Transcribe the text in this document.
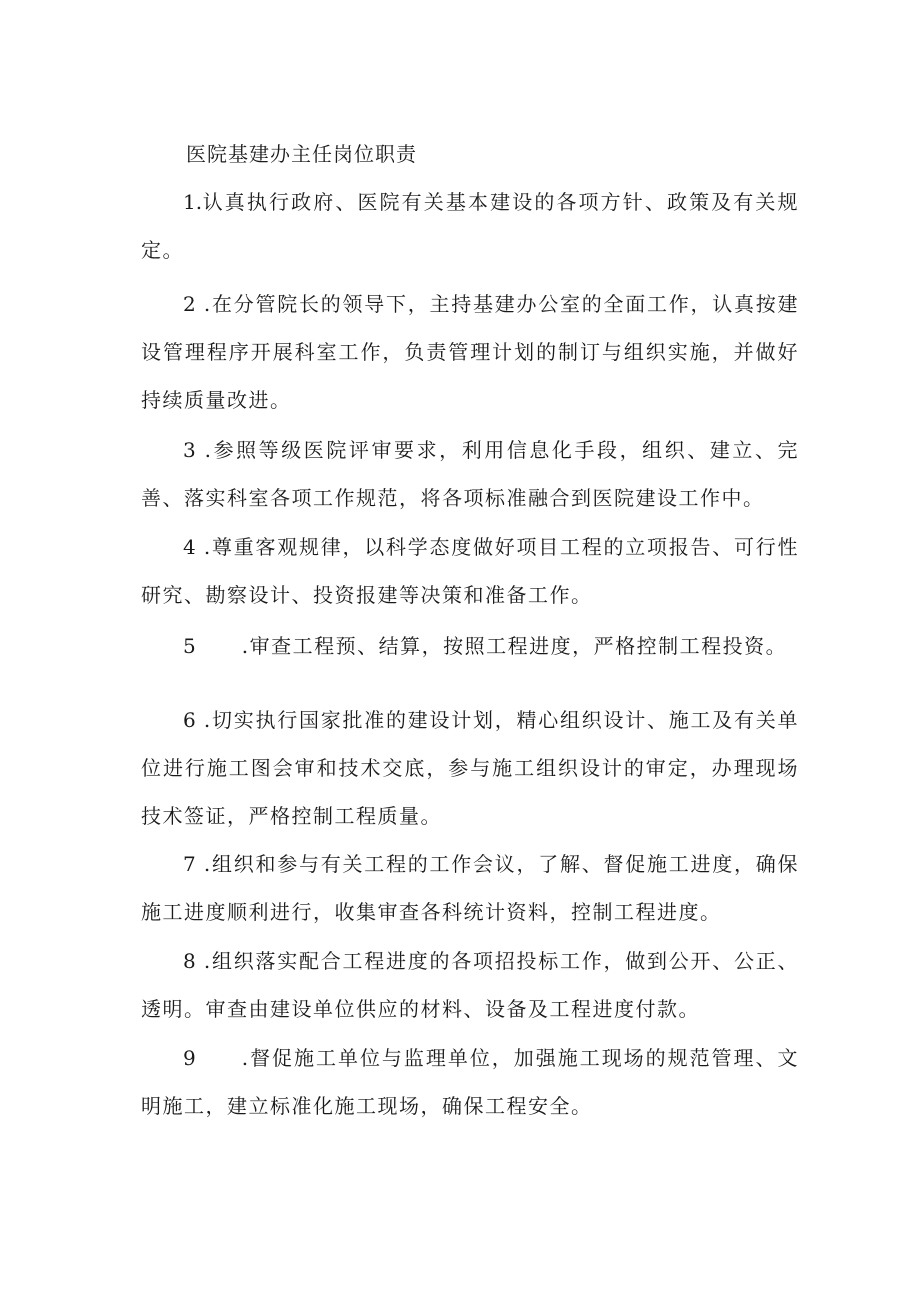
医院基建办主任岗位职责

1.认真执行政府、医院有关基本建设的各项方针、政策及有关规定。

2 .在分管院长的领导下，主持基建办公室的全面工作，认真按建设管理程序开展科室工作，负责管理计划的制订与组织实施，并做好持续质量改进。

3 .参照等级医院评审要求，利用信息化手段，组织、建立、完善、落实科室各项工作规范，将各项标准融合到医院建设工作中。

4 .尊重客观规律，以科学态度做好项目工程的立项报告、可行性研究、勘察设计、投资报建等决策和准备工作。

5 .审查工程预、结算，按照工程进度，严格控制工程投资。

6 .切实执行国家批准的建设计划，精心组织设计、施工及有关单位进行施工图会审和技术交底，参与施工组织设计的审定，办理现场技术签证，严格控制工程质量。

7 .组织和参与有关工程的工作会议，了解、督促施工进度，确保施工进度顺利进行，收集审查各科统计资料，控制工程进度。

8 .组织落实配合工程进度的各项招投标工作，做到公开、公正、透明。审查由建设单位供应的材料、设备及工程进度付款。

9 .督促施工单位与监理单位，加强施工现场的规范管理、文明施工，建立标准化施工现场，确保工程安全。
